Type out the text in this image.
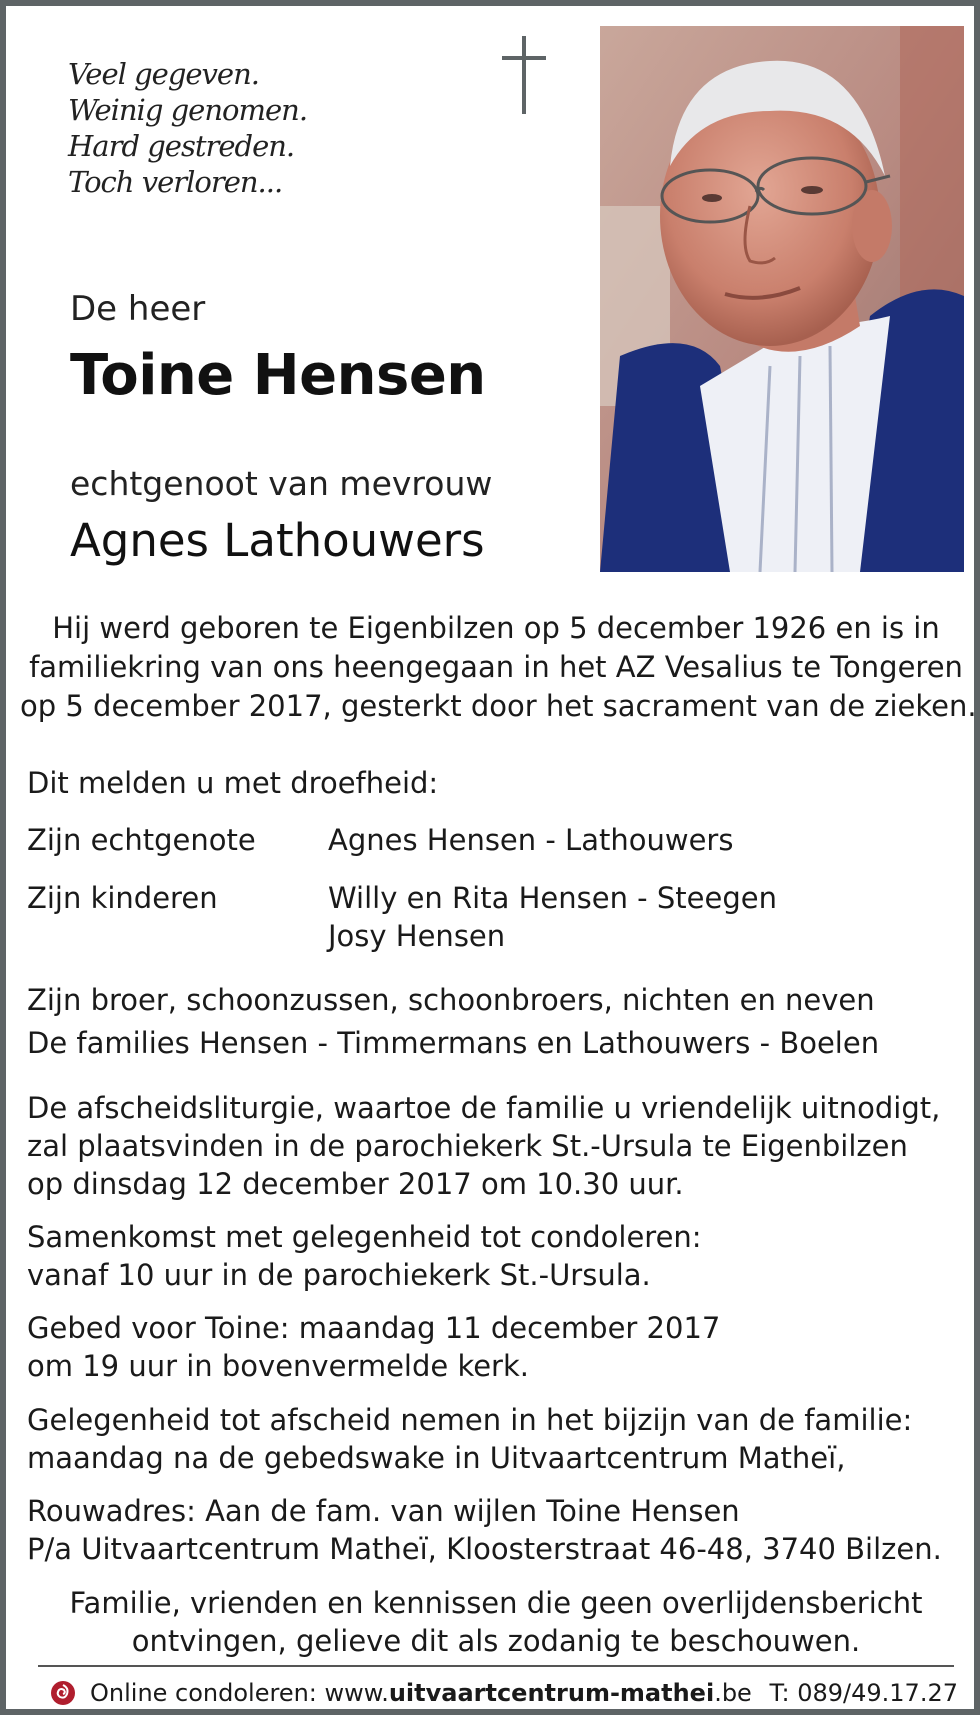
Veel gegeven.
Weinig genomen.
Hard gestreden.
Toch verloren...
De heer
Toine Hensen
echtgenoot van mevrouw
Agnes Lathouwers
Hij werd geboren te Eigenbilzen op 5 december 1926 en is in
familiekring van ons heengegaan in het AZ Vesalius te Tongeren
op 5 december 2017, gesterkt door het sacrament van de zieken.
Dit melden u met droefheid:
Zijn echtgenote Agnes Hensen - Lathouwers
Zijn kinderen	Willy en Rita Hensen - Steegen
Josy Hensen
Zijn broer, schoonzussen, schoonbroers, nichten en neven
De families Hensen - Timmermans en Lathouwers - Boelen
De afscheidsliturgie, waartoe de familie u vriendelijk uitnodigt,
zal plaatsvinden in de parochiekerk St.-Ursula te Eigenbilzen
op dinsdag 12 december 2017 om 10.30 uur.
Samenkomst met gelegenheid tot condoleren:
vanaf 10 uur in de parochiekerk St.-Ursula.
Gebed voor Toine: maandag 11 december 2017
om 19 uur in bovenvermelde kerk.
Gelegenheid tot afscheid nemen in het bijzijn van de familie:
maandag na de gebedswake in Uitvaartcentrum Matheï,
Rouwadres: Aan de fam. van wijlen Toine Hensen
P/a Uitvaartcentrum Matheï, Kloosterstraat 46-48, 3740 Bilzen.
Familie, vrienden en kennissen die geen overlijdensbericht
ontvingen, gelieve dit als zodanig te beschouwen.
Online condoleren: www.uitvaartcentrum-mathei.be T: 089/49.17.27
